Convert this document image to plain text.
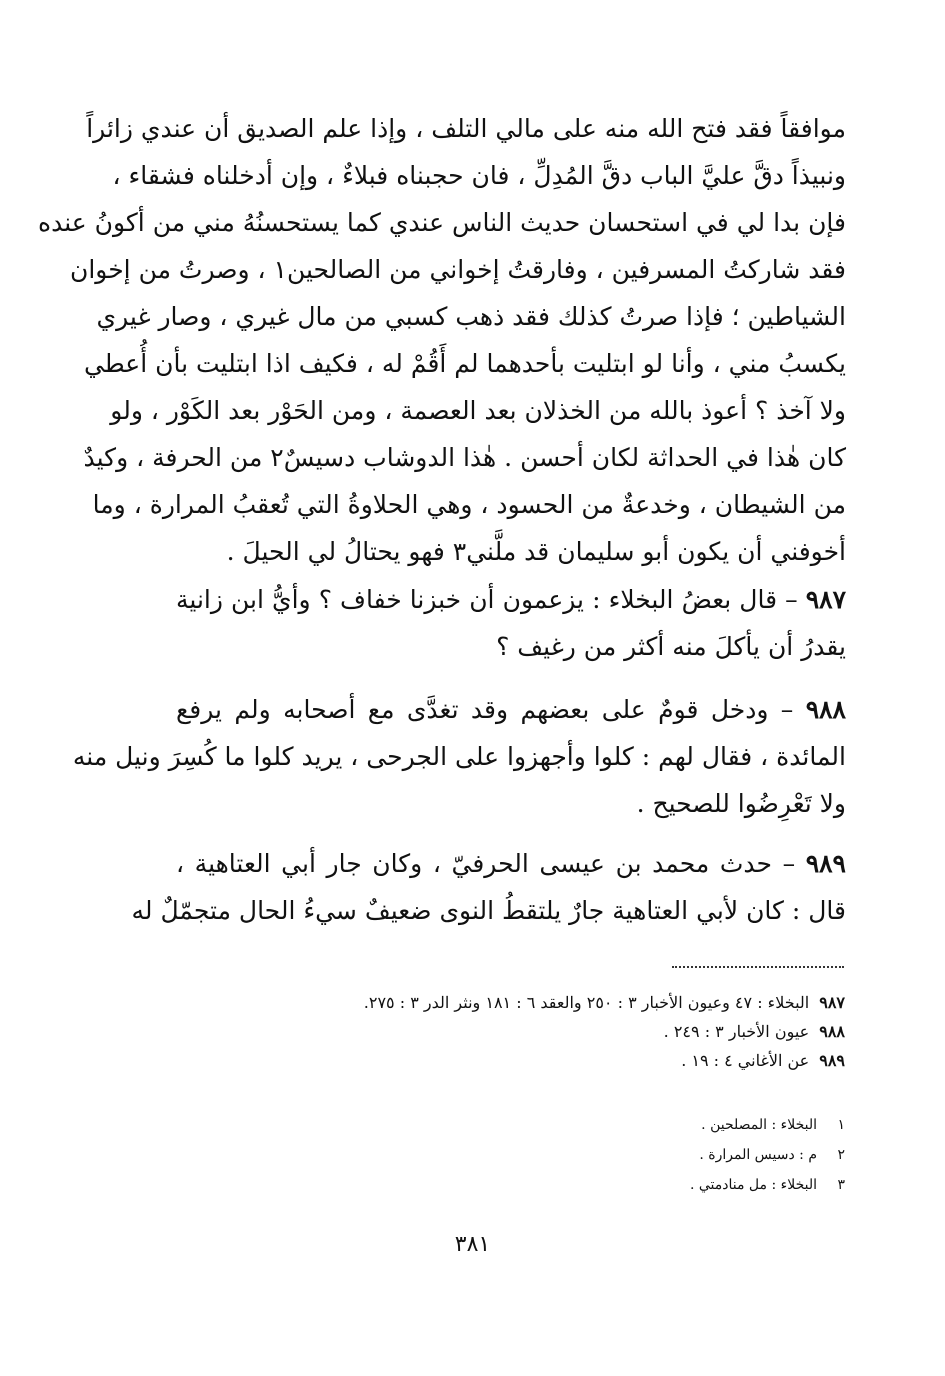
موافقاً فقد فتح الله منه على مالي التلف ، وإذا علم الصديق أن عندي زائراً
ونبيذاً دقَّ عليَّ الباب دقَّ المُدِلِّ ، فان حجبناه فبلاءٌ ، وإن أدخلناه فشقاء ،
فإن بدا لي في استحسان حديث الناس عندي كما يستحسنُهُ مني من أكونُ عنده
فقد شاركتُ المسرفين ، وفارقتُ إخواني من الصالحين١ ، وصرتُ من إخوان
الشياطين ؛ فإذا صرتُ كذلك فقد ذهب كسبي من مال غيري ، وصار غيري
يكسبُ مني ، وأنا لو ابتليت بأحدهما لم أَقُمْ له ، فكيف اذا ابتليت بأن أُعطي
ولا آخذ ؟ أعوذ بالله من الخذلان بعد العصمة ، ومن الحَوْر بعد الكَوْر ، ولو
كان هٰذا في الحداثة لكان أحسن . هٰذا الدوشاب دسيسٌ٢ من الحرفة ، وكيدٌ
من الشيطان ، وخدعةٌ من الحسود ، وهي الحلاوةُ التي تُعقبُ المرارة ، وما
أخوفني أن يكون أبو سليمان قد ملَّني٣ فهو يحتالُ لي الحيلَ .
٩٨٧ – قال بعضُ البخلاء : يزعمون أن خبزنا خفاف ؟ وأيُّ ابن زانية
يقدرُ أن يأكلَ منه أكثر من رغيف ؟
٩٨٨ – ودخل قومٌ على بعضهم وقد تغدَّى مع أصحابه ولم يرفع
المائدة ، فقال لهم : كلوا وأجهزوا على الجرحى ، يريد كلوا ما كُسِرَ ونيل منه
ولا تَعْرِضُوا للصحيح .
٩٨٩ – حدث محمد بن عيسى الحرفيّ ، وكان جار أبي العتاهية ،
قال : كان لأبي العتاهية جارٌ يلتقطُ النوى ضعيفٌ سيءُ الحال متجمّلٌ له
٩٨٧البخلاء : ٤٧ وعيون الأخبار ٣ : ٢٥٠ والعقد ٦ : ١٨١ ونثر الدر ٣ : ٢٧٥.
٩٨٨عيون الأخبار ٣ : ٢٤٩ .
٩٨٩عن الأغاني ٤ : ١٩ .
١البخلاء : المصلحين .
٢م : دسيس المرارة .
٣البخلاء : مل منادمتي .
٣٨١
